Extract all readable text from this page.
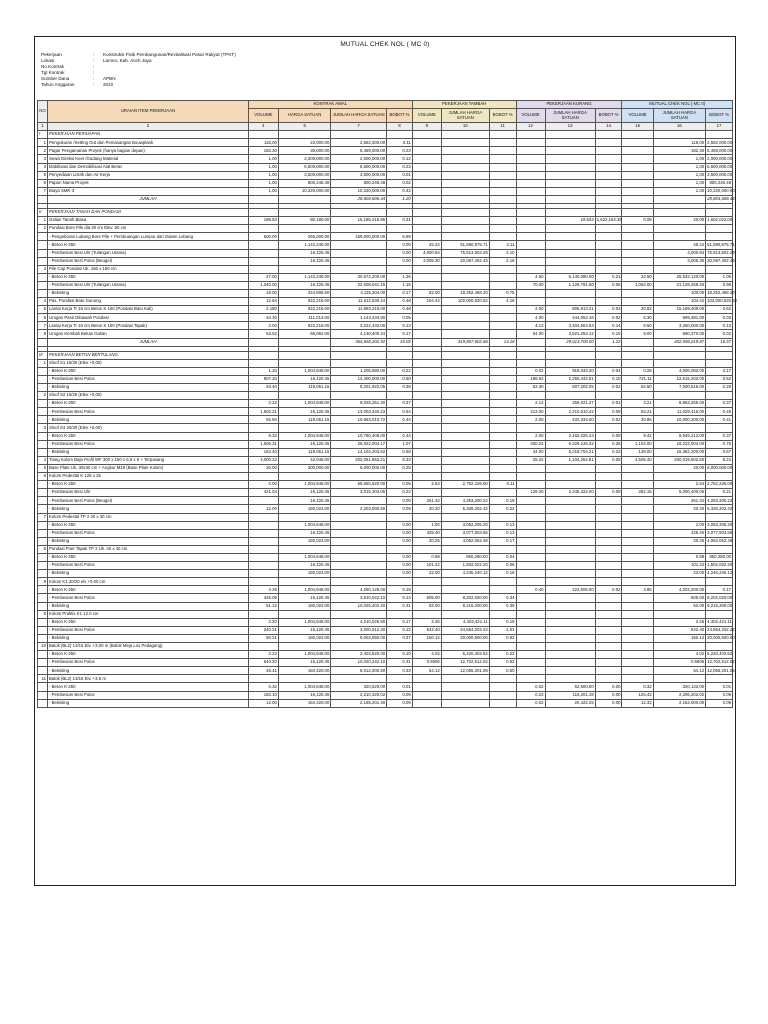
MUTUAL CHEK NOL ( MC 0)
Pekerjaan	:	Konstruksi Fisik Pembangunan/Revitalisasi Pasar Rakyat (TPKT)
Lokasi	:	Lamno, Kab. Aceh Jaya
No Kontrak	:
Tgl Kontrak	:
Sumber Dana	:	APBN
Tahun Anggaran	:	2022
NO	URAIAN ITEM PEKERJAAN	KONTRAK AWAL				PEKERJAAN TAMBAH			PEKERJAAN KURANG			MUTUAL CHEK NOL ( MC 0)		
		VOLUME	HARGA SATUAN	JUMLAH HARGA SATUAN	BOBOT %	VOLUME	JUMLAH HARGA SATUAN	BOBOT %	VOLUME	JUMLAH HARGA SATUAN	BOBOT %	VOLUME	JUMLAH HARGA SATUAN	BOBOT %
1	2	4	6	7	8	9	10	11	12	13	14	15	16	17
I	PEKERJAAN PERSIAPAN													
1	Pengukuran /Setting Out dan Pemasangan Bouwplank	116,00	22,000.00	2,552,000.00	0.11								116,00	2,552,000.00
2	Pagar Pengamanan Proyek (hanya bagian depan)	182.30	30,000.00	5,469,000.00	0.23								182.30	5,469,000.00
3	Sewa Direksi Keet /Gudang Material	1,00	2,000,000.00	2,000,000.00	0.12								1,00	2,000,000.00
4	Mobilisasi dan Demobilisasi Alat Berat	1,00	6,500,000.00	6,500,000.00	0.23								1,00	6,500,000.00
5	Penyediaan Listrik dan Air Kerja	1,00	3,500,000.00	3,500,000.00	0.01								1,00	3,500,000.00
6	Papan Nama Proyek	1,00	800,246.48	800,246.48	0.02								1,00	800,246.48
7	Biaya SMK-3	1,00	10,220,000.00	10,220,000.00	0.42								1,00	10,220,000.00
	JUMLAH			28,804,606.44	1.20									28,804,606.44

II	PEKERJAAN TANAH DAN PONDASI													
1	Galian Tanah Biasa	188.53	80,180.00	15,185,215.86	0.31					19.533	1,622,162.38	0.08	20.00	1,602,022.00
2	Pondasi Bore Pile dia 30 cm Elev. 60 cm													
	- Pengeboran Lubang Bore Pile + Pembuangan Lumpur dari Dalam Lubang	600.00	265,000.00	159,000,000.00	6.89									
	- Beton K-250		1,142,240.00		0.00	45.22	51,590,875.71	2.11					45.22	51,590,875.71
	- Pembesian Besi Ulir (Tulangan Utama)		16,125.45		0.00	4,000.84	75,513,502.29	3.10					4,000.84	75,513,502.29
	- Pembesian Besi Polos (Beugel)		16,120.45		0.00	3,005.30	20,087,402.43	2.18					3,005.30	20,087,402.43
3	Pile Cap Pondasi Uk. 150 x 150 cm													
	- Beton K-250	27.00	1,142,240.00	30,672,200.00	1.26				4.50	5,140,080.00	0.21	22.50	25,532,120.00	1.05
	- Pembesian Besi Ulir (Tulangan Utama)	1,340.00	16,125.45	22,008,041.15	1.15				70.00	1,128,781.50	0.05	1,062.00	21,128,259.20	0.98
	- Bekisting	18.00	224,805.50	4,115,304.00	0.17	82.00	18,252,458.20	0.75					100.00	18,252,458.20
4	Pas. Pondasi Batu Gunung	12.64	922,216.00	11,612,530.24	0.48	104.42	102,000,520.52	4.18					104.42	102,000,520.52
5	Lantai Kerja Tr 15 cm Beton K 100 (Pondasi Batu Kali)	2.180	922,216.00	11,893,216.00	0.48				2.00	805,913.21	0.03	20.52	15,199,409.00	0.62
6	Urugan Pasir Dibawah Pondasi	10.30	111,013.00	1,143,433.90	0.05				4.00	444,052.16	0.02	6.30	699,381.00	0.03
7	Lantai Kerja Tr 15 cm Beton K 100 (Pondasi Tapak)	2.00	922,216.00	3,222,432.00	0.13				4.13	3,404,604.53	0.14	8.50	3,260,000.00	0.13
8	Urugan Kembali Bekas Galian	62.52	66,062.00	4,130,400.24	0.17				54.00	3,521,254.12	0.15	9.00	590,370.00	0.02
	JUMLAH			364,658,202.92	15.02		319,807,602.66	13.18		29,013,700.00	1.22		402,096,019.87	16.57

III	PEKERJAAN BETON BERTULANG													
1	Sloof S1 15/30 (Elev +0,00)													
	- Beton K-250	1.20	1,004,648.00	1,205,580.00	0.22				0.02	919,333.20	0.04	0.28	4,006,082.00	0.17
	- Pembesian Besi Polos	807.20	16,120.45	14,400,000.00	0.60				185.02	2,250,442.81	0.10	721.11	12,515,202.00	0.52
	- Bekisting	33.40	119,051.15	9,201,922.05	0.38				62.30	507,202.05	0.02	62.50	7,000,516.00	0.29
2	Sloof S2 15/25 (Elev +0,00)													
	- Beton K-250	0.22	1,004,648.00	9,025,251.20	0.37				2.12	259,021.27	0.01	3.21	8,862,255.00	0.37
	- Pembesian Besi Polos	1,602.21	16,120.45	13,003,340.23	0.54				213.00	2,210,510.42	0.09	83.21	11,029,416.00	0.45
	- Bekisting	92.50	119,051.15	10,663,010.72	0.44				2.00	432,334.00	0.02	20.86	10,000,200.00	0.41
3	Sloof S3 20/30 (Elev +0,00)													
	- Beton K-250	9.32	1,004,648.00	10,780,408.00	0.44				2.00	2,162,025.23	0.09	9.42	8,945,212.00	0.37
	- Pembesian Besi Polos	1,505.31	16,120.45	26,022,004.17	1.07				400.22	6,226,126.32	0.26	1,104.00	18,222,004.00	0.75
	- Bekisting	162.40	119,051.15	14,104,203.62	0.58				44.00	5,218,704.21	0.22	138.00	16,382,200.00	0.67
4	Tiang Kolom Baja Profil WF 300 x 150 x 6,5 x 9 + Terpasang	4,000.22	42,048.00	202,051,853.21	8.33				25.22	1,104,252.81	0.05	4,505.40	200,019,502.50	8.24
5	Base Plate Uk. 30x30 cm + Angkur M19 (Base Plate Kolom)	20.00	300,000.00	6,000,000.00	0.25								20.00	6,000,000.00
6	Kolom Pedestal K 125 x 25													
	- Beton K-250	0.00	1,004,648.00	55,650,620.00	0.05	2.54	2,752,226.00	0.11					2.54	2,752,226.00
	- Pembesian Besi Ulir	421.04	16,120.45	3,015,303.05	0.22				129.20	2,245,322.00	0.09	282.15	5,000,400.05	0.21
	- Pembesian Besi Polos (Beugel)		16,120.45		0.00	261.32	4,253,200.22	0.18					261.32	4,253,200.22
	- Bekisting	12.00	180,022.00	2,203,000.50	0.09	20.20	5,328,202.42	0.22					20.20	5,328,202.42
7	Kolom Pedestal TP 2 30 x 30 cm													
	- Beton K-250		1,004,648.00		0.00	1.00	3,052,205.20	0.13					1.00	3,052,205.20
	- Pembesian Besi Polos		16,120.45		0.00	425.40	3,077,503.55	0.13					425.40	3,077,503.55
	- Bekisting		180,022.00		0.00	20.25	4,062,052.48	0.17					20.25	4,062,052.48
8	Pondasi Poer Tapak TP 2 Uk. 40 x 40 cm													
	- Beton K-250		1,004,648.00		0.00	0.88	850,280.00	0.04					0.88	850,280.00
	- Pembesian Besi Polos		16,120.45		0.00	101.22	1,502,022.20	0.06					101.22	1,502,022.20
	- Bekisting		180,022.00		0.00	22.00	4,245,240.12	0.18					22.00	4,245,240.12
9	Kolom K1 20/20 elv +0,00 cm													
	- Beton K-250	4.26	1,004,648.00	4,250,125.00	0.18				0.40	422,005.00	0.02	3.86	4,202,200.00	0.17
	- Pembesian Besi Polos	425.05	16,120.45	3,510,022.10	0.14	505.00	8,202,020.00	0.34					505.00	8,202,020.00
	- Bekisting	51.12	180,022.00	10,025,402.20	0.41	52.00	9,215,200.00	0.38					52.00	9,215,200.00
9	Kolom Praktis K1 12.0 cm													
	- Beton K-250	2.20	1,004,648.00	4,210,026.50	0.17	2.26	4,402,421.11	0.18					2.26	4,402,421.11
	- Pembesian Besi Polos	240.21	16,120.45	3,000,012.40	0.12	542.40	24,554,202.22	1.01					542.40	24,554,202.22
	- Bekisting	50.21	180,022.00	9,002,050.00	0.37	150.12	20,000,500.00	0.82					150.12	20,000,500.00
10	Balok (BL2) 13/15 Elv. +3,00 m (Balok Meja Los Pedagang)													
	- Beton K-250	2.22	1,004,648.00	2,403,520.00	0.10	4.02	5,220,402.52	0.22					4.02	5,220,402.52
	- Pembesian Besi Polos	640.20	16,120.45	10,020,242.10	0.41	0.5606	12,702,512.02	0.52					0.5606	12,702,512.02
	- Bekisting	48.41	184,420.00	8,012,000.50	0.33	54.12	12,055,201.05	0.50					54.12	12,055,201.05
11	Balok (BL2) 13/15 Elv. +3,5 m													
	- Beton K-250	0.32	1,004,648.00	320,520.00	0.01				0.02	62,500.00	0.00	0.32	320,142.00	0.01
	- Pembesian Besi Polos	182.10	16,120.45	2,210,320.02	0.09				0.23	115,201.28	0.00	126.42	2,206,202.02	0.09
	- Bekisting	12.00	184,420.00	2,165,201.40	0.09				0.02	20,422.25	0.00	12.32	2,152,000.00	0.09
